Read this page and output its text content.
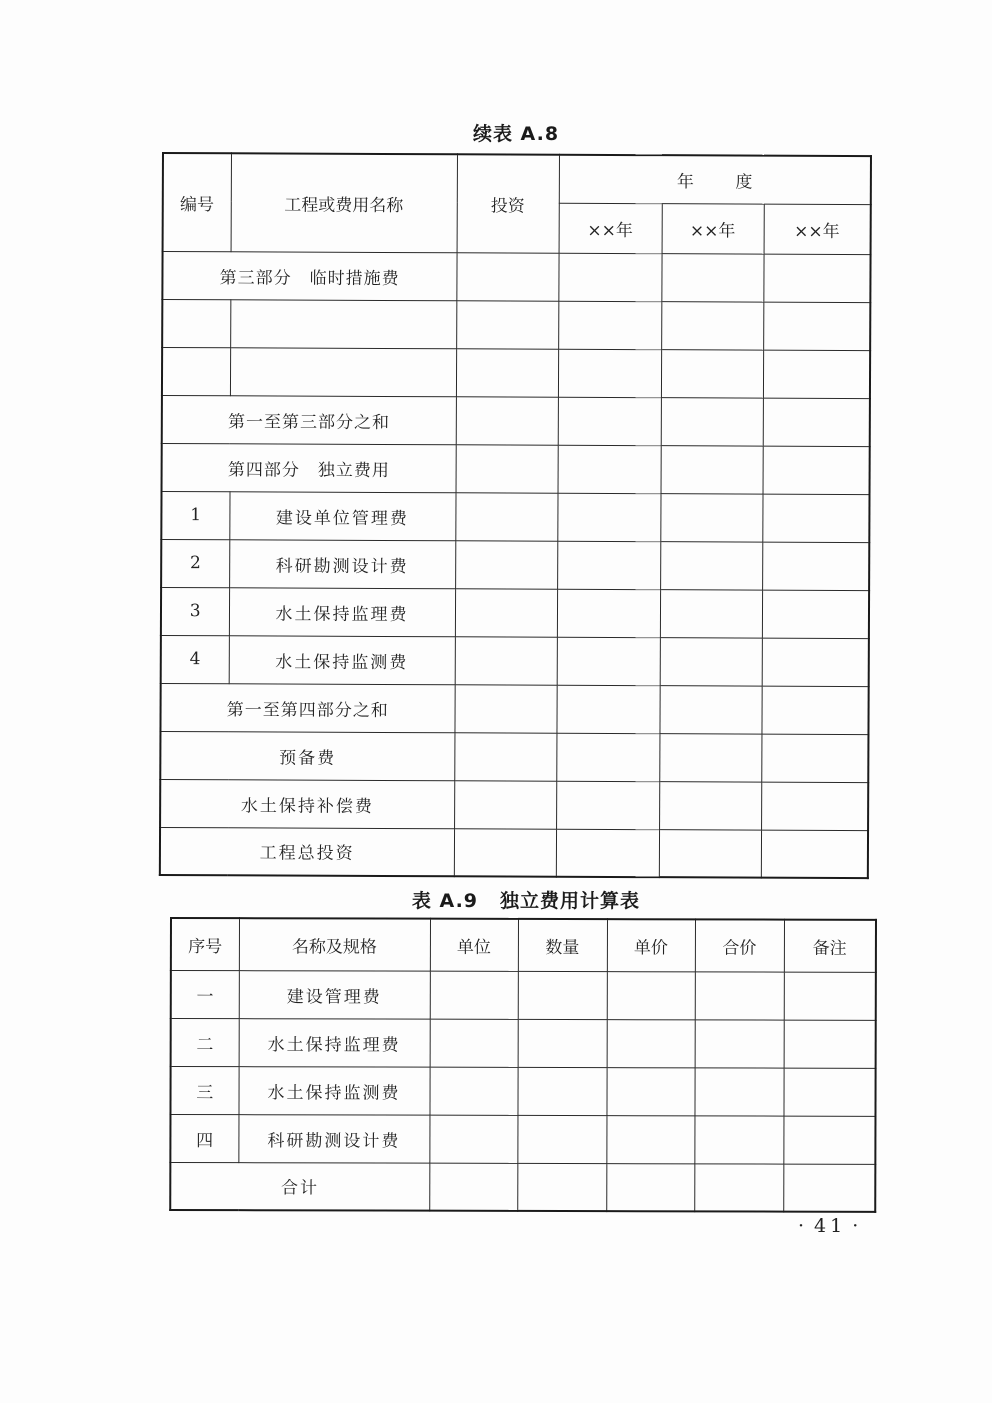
续表 A.8
编号	工程或费用名称	投资	年 度		
			××年	××年	××年
第三部分　临时措施费					

第一至第三部分之和					
第四部分　独立费用					
1	建设单位管理费				
2	科研勘测设计费				
3	水土保持监理费				
4	水土保持监测费				
第一至第四部分之和					
预备费					
水土保持补偿费					
工程总投资					
表 A.9 独立费用计算表
序号	名称及规格	单位	数量	单价	合价	备注
一	建设管理费					
二	水土保持监理费					
三	水土保持监测费					
四	科研勘测设计费					
合计						
· 41 ·
